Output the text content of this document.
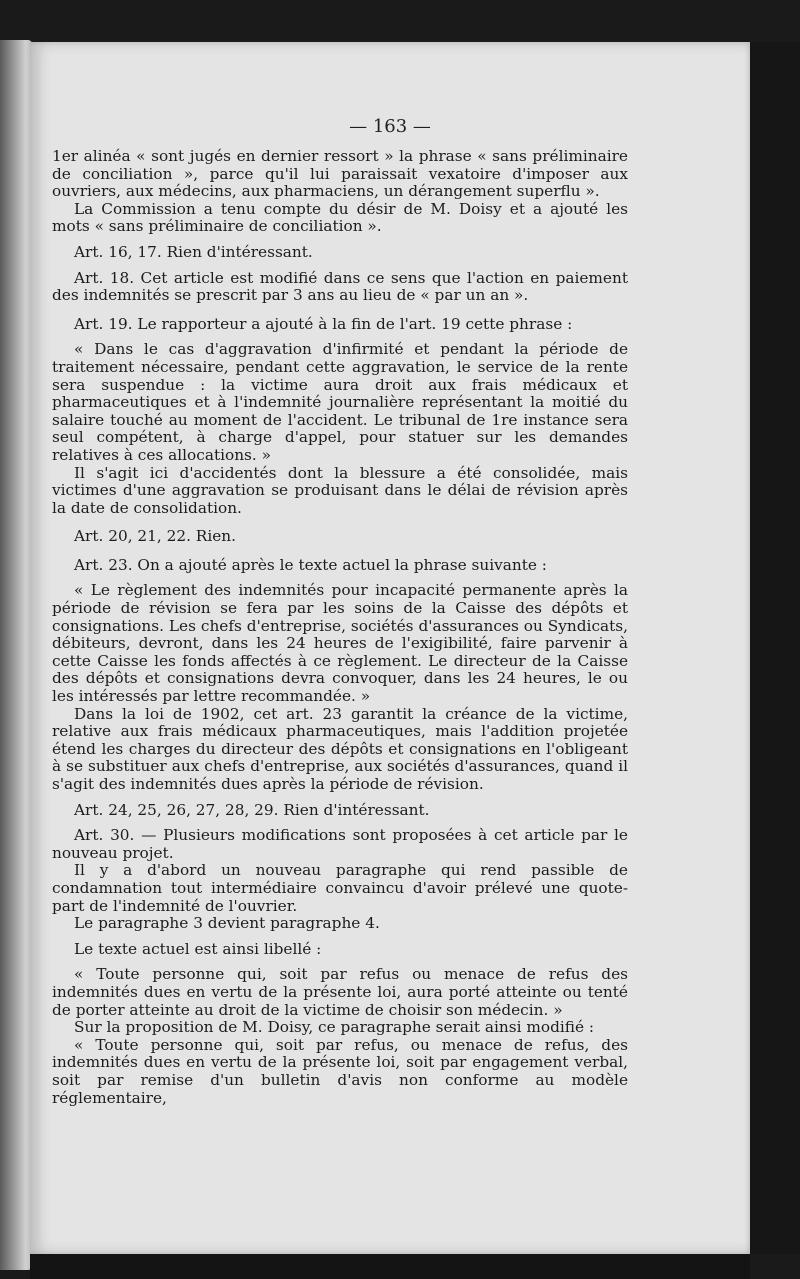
— 163 —

1er alinéa « sont jugés en dernier ressort » la phrase « sans préliminaire de conciliation », parce qu'il lui paraissait vexatoire d'imposer aux ouvriers, aux médecins, aux pharmaciens, un dérangement superflu ».

La Commission a tenu compte du désir de M. Doisy et a ajouté les mots « sans préliminaire de conciliation ».

Art. 16, 17. Rien d'intéressant.

Art. 18. Cet article est modifié dans ce sens que l'action en paiement des indemnités se prescrit par 3 ans au lieu de « par un an ».

Art. 19. Le rapporteur a ajouté à la fin de l'art. 19 cette phrase :

« Dans le cas d'aggravation d'infirmité et pendant la période de traitement nécessaire, pendant cette aggravation, le service de la rente sera suspendue : la victime aura droit aux frais médicaux et pharmaceutiques et à l'indemnité journalière représentant la moitié du salaire touché au moment de l'accident. Le tribunal de 1re instance sera seul compétent, à charge d'appel, pour statuer sur les demandes relatives à ces allocations. »

Il s'agit ici d'accidentés dont la blessure a été consolidée, mais victimes d'une aggravation se produisant dans le délai de révision après la date de consolidation.

Art. 20, 21, 22. Rien.

Art. 23. On a ajouté après le texte actuel la phrase suivante :

« Le règlement des indemnités pour incapacité permanente après la période de révision se fera par les soins de la Caisse des dépôts et consignations. Les chefs d'entreprise, sociétés d'assurances ou Syndicats, débiteurs, devront, dans les 24 heures de l'exigibilité, faire parvenir à cette Caisse les fonds affectés à ce règlement. Le directeur de la Caisse des dépôts et consignations devra convoquer, dans les 24 heures, le ou les intéressés par lettre recommandée. »

Dans la loi de 1902, cet art. 23 garantit la créance de la victime, relative aux frais médicaux pharmaceutiques, mais l'addition projetée étend les charges du directeur des dépôts et consignations en l'obligeant à se substituer aux chefs d'entreprise, aux sociétés d'assurances, quand il s'agit des indemnités dues après la période de révision.

Art. 24, 25, 26, 27, 28, 29. Rien d'intéressant.

Art. 30. — Plusieurs modifications sont proposées à cet article par le nouveau projet.

Il y a d'abord un nouveau paragraphe qui rend passible de condamnation tout intermédiaire convaincu d'avoir prélevé une quote-part de l'indemnité de l'ouvrier.

Le paragraphe 3 devient paragraphe 4.

Le texte actuel est ainsi libellé :

« Toute personne qui, soit par refus ou menace de refus des indemnités dues en vertu de la présente loi, aura porté atteinte ou tenté de porter atteinte au droit de la victime de choisir son médecin. »

Sur la proposition de M. Doisy, ce paragraphe serait ainsi modifié :

« Toute personne qui, soit par refus, ou menace de refus, des indemnités dues en vertu de la présente loi, soit par engagement verbal, soit par remise d'un bulletin d'avis non conforme au modèle réglementaire,
